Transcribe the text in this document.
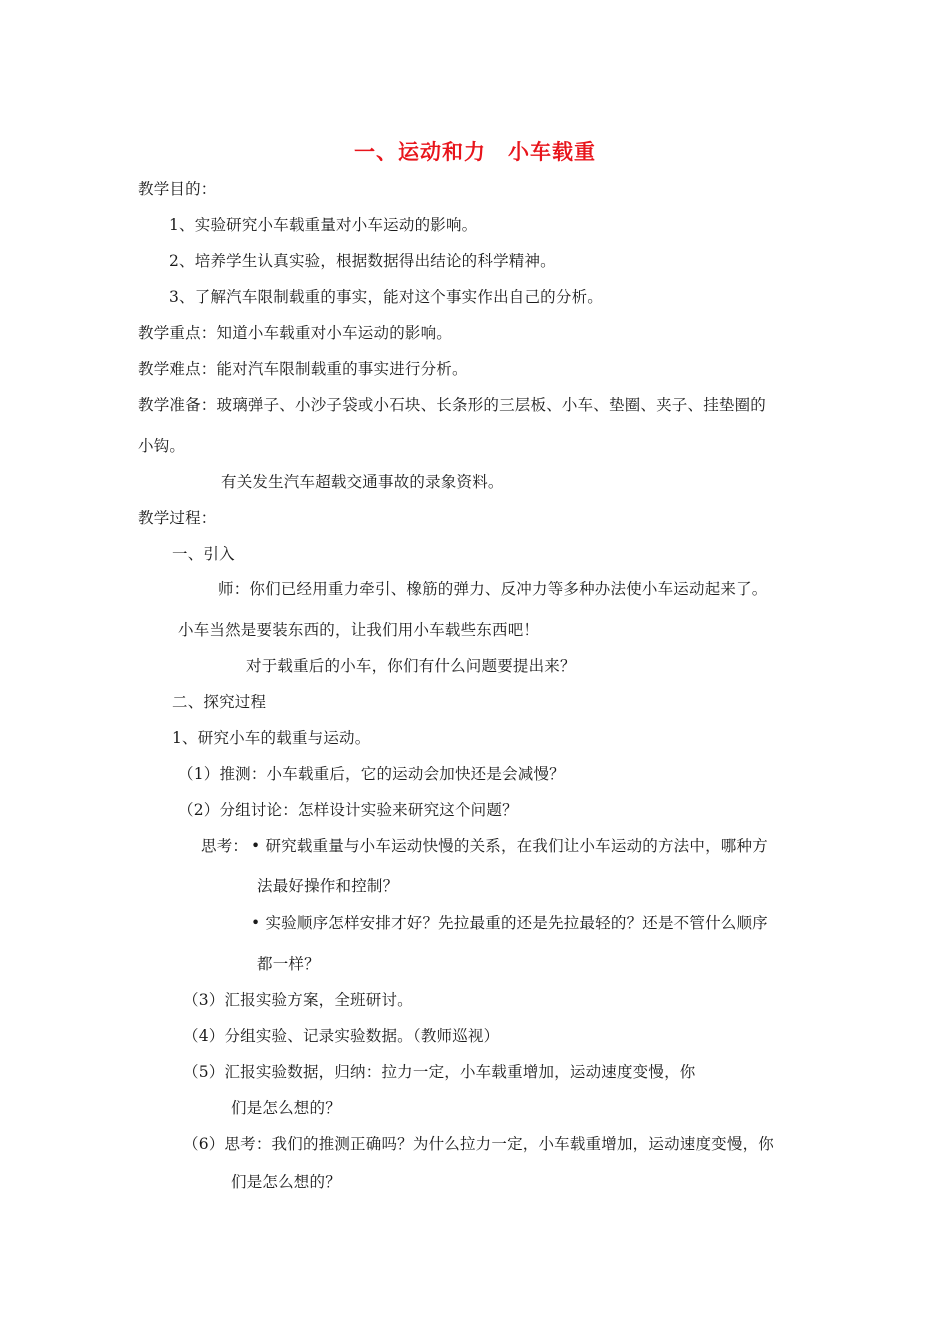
一、运动和力 小车载重
教学目的：
1、实验研究小车载重量对小车运动的影响。
2、培养学生认真实验，根据数据得出结论的科学精神。
3、了解汽车限制载重的事实，能对这个事实作出自己的分析。
教学重点：知道小车载重对小车运动的影响。
教学难点：能对汽车限制载重的事实进行分析。
教学准备：玻璃弹子、小沙子袋或小石块、长条形的三层板、小车、垫圈、夹子、挂垫圈的
小钩。
有关发生汽车超载交通事故的录象资料。
教学过程：
一、引入
师：你们已经用重力牵引、橡筋的弹力、反冲力等多种办法使小车运动起来了。
小车当然是要装东西的，让我们用小车载些东西吧！
对于载重后的小车，你们有什么问题要提出来？
二、探究过程
1、研究小车的载重与运动。
（1）推测：小车载重后，它的运动会加快还是会减慢？
（2）分组讨论：怎样设计实验来研究这个问题？
思考： • 研究载重量与小车运动快慢的关系，在我们让小车运动的方法中，哪种方
法最好操作和控制？
• 实验顺序怎样安排才好？先拉最重的还是先拉最轻的？还是不管什么顺序
都一样？
（3）汇报实验方案，全班研讨。
（4）分组实验、记录实验数据。（教师巡视）
（5）汇报实验数据，归纳：拉力一定，小车载重增加，运动速度变慢，你
们是怎么想的？
（6）思考：我们的推测正确吗？为什么拉力一定，小车载重增加，运动速度变慢，你
们是怎么想的？
